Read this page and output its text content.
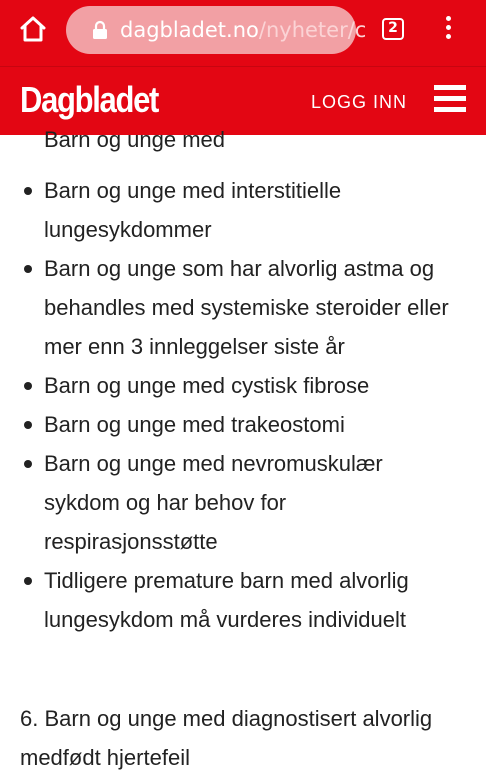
dagbladet.no/nyheter/c	2
Dagbladet	LOGG INN
Barn og unge med
Barn og unge med interstitielle lungesykdommer
Barn og unge som har alvorlig astma og behandles med systemiske steroider eller mer enn 3 innleggelser siste år
Barn og unge med cystisk fibrose
Barn og unge med trakeostomi
Barn og unge med nevromuskulær sykdom og har behov for respirasjonsstøtte
Tidligere premature barn med alvorlig lungesykdom må vurderes individuelt
6. Barn og unge med diagnostisert alvorlig medfødt hjertefeil
